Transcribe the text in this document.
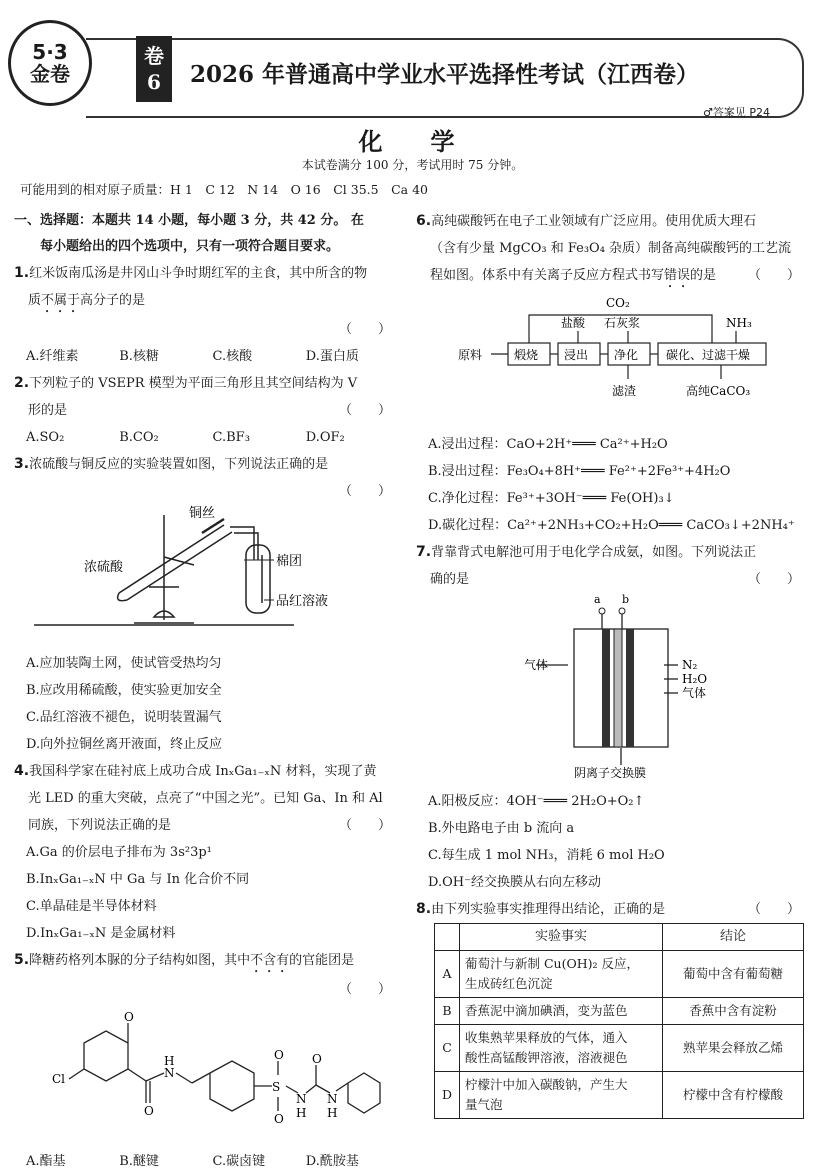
5·3
金卷
卷
6 2026 年普通高中学业水平选择性考试（江西卷）
♂答案见 P24
化　学
本试卷满分 100 分，考试用时 75 分钟。
可能用到的相对原子质量：H 1　C 12　N 14　O 16　Cl 35.5　Ca 40
一、选择题：本题共 14 小题，每小题 3 分，共 42 分。 在
每小题给出的四个选项中，只有一项符合题目要求。
1.红米饭南瓜汤是井冈山斗争时期红军的主食，其中所含的物
质不属于高分子的是
（　　）
A.纤维素	B.核糖	C.核酸	D.蛋白质
2.下列粒子的 VSEPR 模型为平面三角形且其空间结构为 V
形的是	（　　）
A.SO₂	B.CO₂	C.BF₃	D.OF₂
3.浓硫酸与铜反应的实验装置如图，下列说法正确的是
（　　）
铜丝
浓硫酸	棉团
品红溶液
A.应加装陶土网，使试管受热均匀
B.应改用稀硫酸，使实验更加安全
C.品红溶液不褪色，说明装置漏气
D.向外拉铜丝离开液面，终止反应
4.我国科学家在硅衬底上成功合成 InₓGa₁₋ₓN 材料，实现了黄
光 LED 的重大突破，点亮了“中国之光”。已知 Ga、In 和 Al
同族，下列说法正确的是	（　　）
A.Ga 的价层电子排布为 3s²3p¹
B.InₓGa₁₋ₓN 中 Ga 与 In 化合价不同
C.单晶硅是半导体材料
D.InₓGa₁₋ₓN 是金属材料
5.降糖药格列本脲的分子结构如图，其中不含有的官能团是
（　　）
Cl
O
O
N
H
S
O
O
N
H
O
N
H
A.酯基	B.醚键	C.碳卤键	D.酰胺基
6.高纯碳酸钙在电子工业领域有广泛应用。使用优质大理石
（含有少量 MgCO₃ 和 Fe₃O₄ 杂质）制备高纯碳酸钙的工艺流
程如图。体系中有关离子反应方程式书写错误的是 （　　）
CO₂
盐酸 石灰浆	NH₃
原料	煅烧 浸出 净化 碳化、过滤干燥
滤渣	高纯CaCO₃
A.浸出过程：CaO+2H⁺═══ Ca²⁺+H₂O
B.浸出过程：Fe₃O₄+8H⁺═══ Fe²⁺+2Fe³⁺+4H₂O
C.净化过程：Fe³⁺+3OH⁻═══ Fe(OH)₃↓
D.碳化过程：Ca²⁺+2NH₃+CO₂+H₂O═══ CaCO₃↓+2NH₄⁺
7.背靠背式电解池可用于电化学合成氨，如图。下列说法正
确的是	（　　）
a b
气体	N₂
H₂O
气体
阴离子交换膜
A.阳极反应：4OH⁻═══ 2H₂O+O₂↑
B.外电路电子由 b 流向 a
C.每生成 1 mol NH₃，消耗 6 mol H₂O
D.OH⁻经交换膜从右向左移动
8.由下列实验事实推理得出结论，正确的是	（　　）
	实验事实	结论
A	葡萄汁与新制 Cu(OH)₂ 反应，
生成砖红色沉淀	葡萄中含有葡萄糖
B	香蕉泥中滴加碘酒，变为蓝色	香蕉中含有淀粉
C	收集熟苹果释放的气体，通入
酸性高锰酸钾溶液，溶液褪色	熟苹果会释放乙烯
D	柠檬汁中加入碳酸钠，产生大
量气泡	柠檬中含有柠檬酸
